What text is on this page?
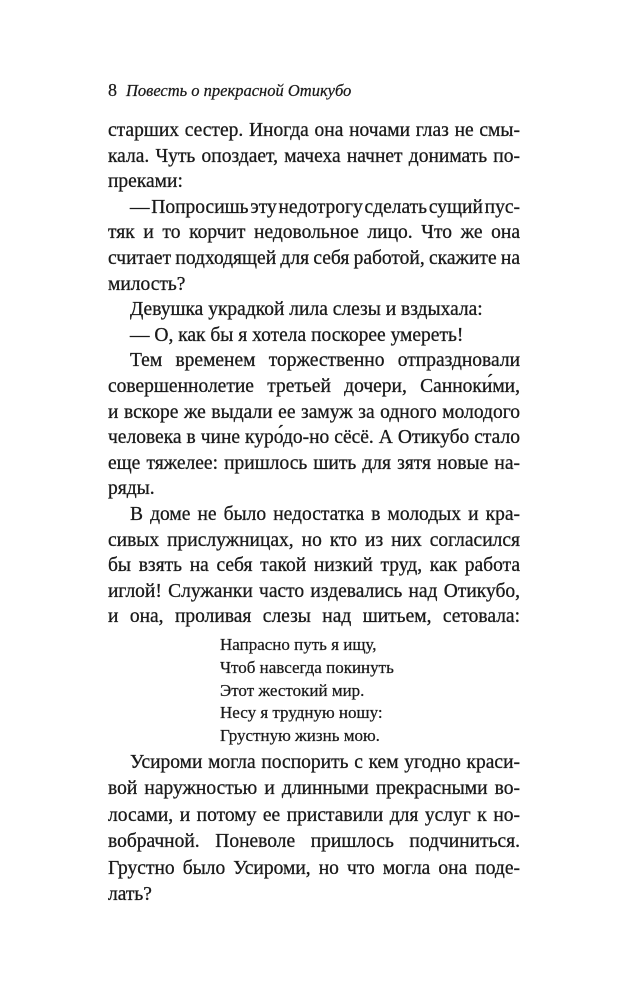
8 Повесть о прекрасной Отикубо
старших сестер. Иногда она ночами глаз не смы-
кала. Чуть опоздает, мачеха начнет донимать по-
преками:
— Попросишь эту недотрогу сделать сущий пус-
тяк и то корчит недовольное лицо. Что же она
считает подходящей для себя работой, скажите на
милость?
Девушка украдкой лила слезы и вздыхала:
— О, как бы я хотела поскорее умереть!
Тем временем торжественно отпраздновали
совершеннолетие третьей дочери, Санноки́ми,
и вскоре же выдали ее замуж за одного молодого
человека в чине куро́до-но сёсё. А Отикубо стало
еще тяжелее: пришлось шить для зятя новые на-
ряды.
В доме не было недостатка в молодых и кра-
сивых прислужницах, но кто из них согласился
бы взять на себя такой низкий труд, как работа
иглой! Служанки часто издевались над Отикубо,
и она, проливая слезы над шитьем, сетовала:
Напрасно путь я ищу,
Чтоб навсегда покинуть
Этот жестокий мир.
Несу я трудную ношу:
Грустную жизнь мою.
Усироми могла поспорить с кем угодно краси-
вой наружностью и длинными прекрасными во-
лосами, и потому ее приставили для услуг к но-
вобрачной. Поневоле пришлось подчиниться.
Грустно было Усироми, но что могла она поде-
лать?
